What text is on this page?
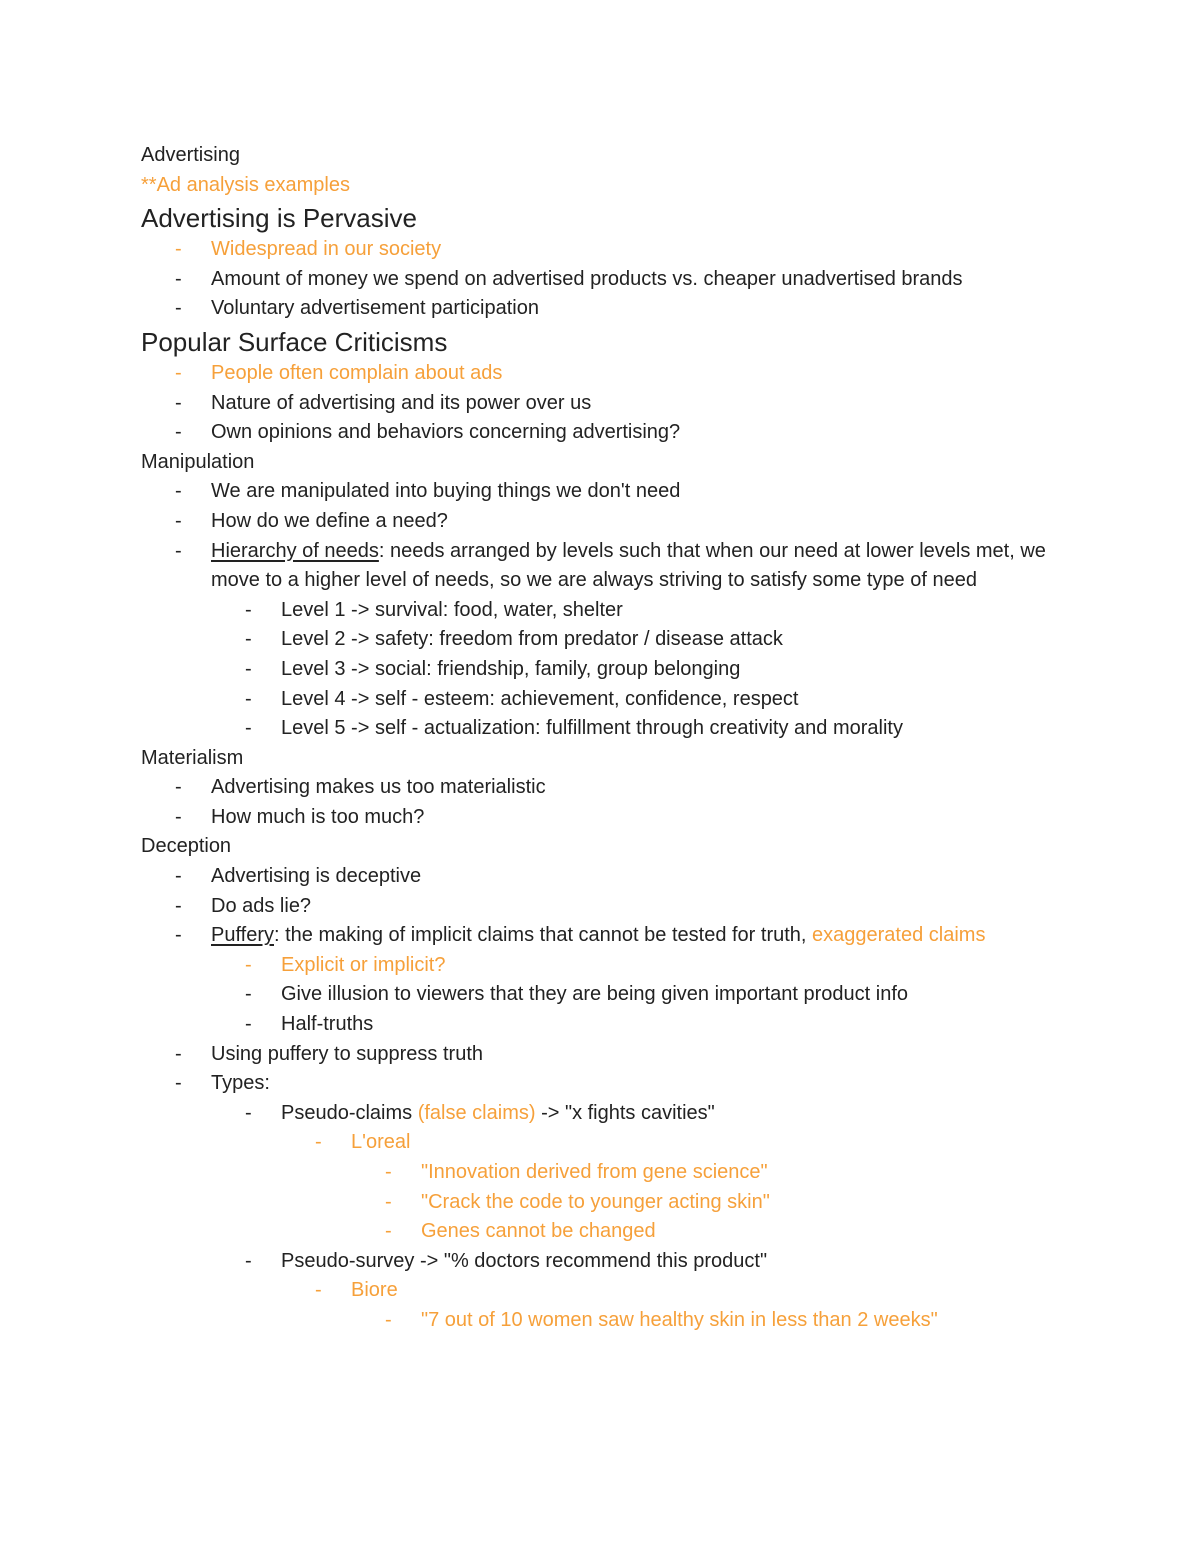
Advertising
**Ad analysis examples
Advertising is Pervasive
-	Widespread in our society
-	Amount of money we spend on advertised products vs. cheaper unadvertised brands
-	Voluntary advertisement participation
Popular Surface Criticisms
-	People often complain about ads
-	Nature of advertising and its power over us
-	Own opinions and behaviors concerning advertising?
Manipulation
-	We are manipulated into buying things we don't need
-	How do we define a need?
-	Hierarchy of needs: needs arranged by levels such that when our need at lower levels met, we move to a higher level of needs, so we are always striving to satisfy some type of need
-	Level 1 -> survival: food, water, shelter
-	Level 2 -> safety: freedom from predator / disease attack
-	Level 3 -> social: friendship, family, group belonging
-	Level 4 -> self - esteem: achievement, confidence, respect
-	Level 5 -> self - actualization: fulfillment through creativity and morality
Materialism
-	Advertising makes us too materialistic
-	How much is too much?
Deception
-	Advertising is deceptive
-	Do ads lie?
-	Puffery: the making of implicit claims that cannot be tested for truth, exaggerated claims
-	Explicit or implicit?
-	Give illusion to viewers that they are being given important product info
-	Half-truths
-	Using puffery to suppress truth
-	Types:
-	Pseudo-claims (false claims) -> "x fights cavities"
-	L'oreal
-	"Innovation derived from gene science"
-	"Crack the code to younger acting skin"
-	Genes cannot be changed
-	Pseudo-survey -> "% doctors recommend this product"
-	Biore
-	"7 out of 10 women saw healthy skin in less than 2 weeks"
